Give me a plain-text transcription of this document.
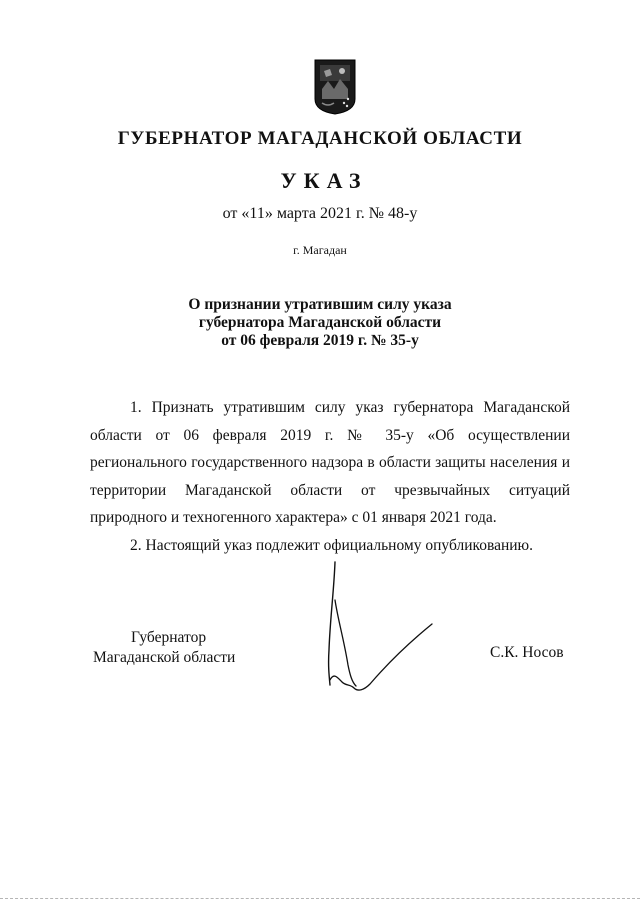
ГУБЕРНАТОР МАГАДАНСКОЙ ОБЛАСТИ
УКАЗ
от «11» марта 2021 г. № 48-у
г. Магадан
О признании утратившим силу указа
губернатора Магаданской области
от 06 февраля 2019 г. № 35-у

1. Признать утратившим силу указ губернатора Магаданской области от 06 февраля 2019 г. № 35-у «Об осуществлении регионального государственного надзора в области защиты населения и территории Магаданской области от чрезвычайных ситуаций природного и техногенного характера» с 01 января 2021 года.

2. Настоящий указ подлежит официальному опубликованию.

Губернатор
Магаданской области	С.К. Носов
